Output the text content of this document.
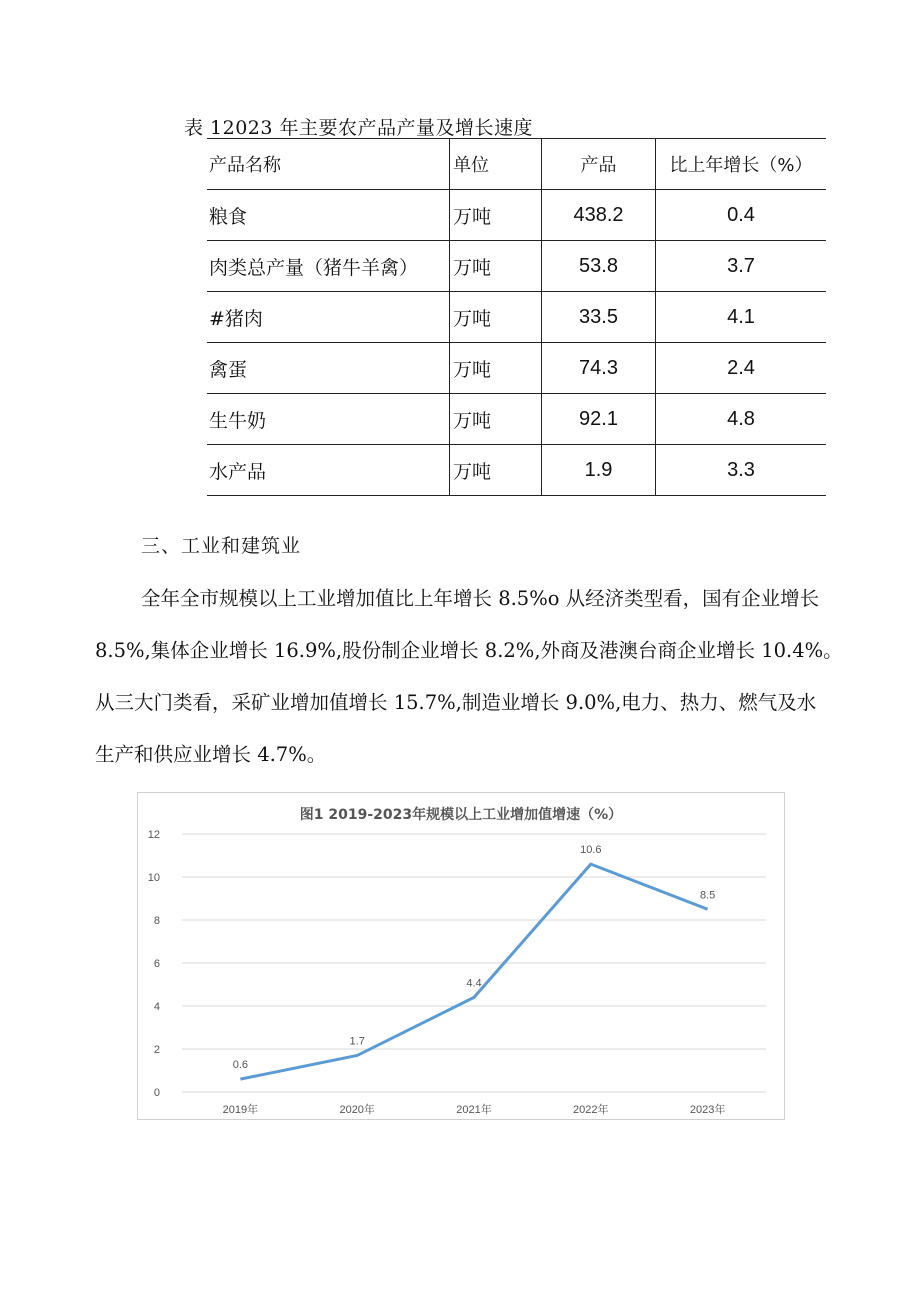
表 12023 年主要农产品产量及增长速度
产品名称	单位	产品	比上年增长（%）
粮食	万吨	438.2	0.4
肉类总产量（猪牛羊禽）	万吨	53.8	3.7
#猪肉	万吨	33.5	4.1
禽蛋	万吨	74.3	2.4
生牛奶	万吨	92.1	4.8
水产品	万吨	1.9	3.3
三、工业和建筑业
全年全市规模以上工业增加值比上年增长 8.5%o 从经济类型看，国有企业增长
8.5%,集体企业增长 16.9%,股份制企业增长 8.2%,外商及港澳台商企业增长 10.4%。
从三大门类看，采矿业增加值增长 15.7%,制造业增长 9.0%,电力、热力、燃气及水
生产和供应业增长 4.7%。
图1 2019-2023年规模以上工业增加值增速（%）
0
2
4
6
8
10
12
2019年	2020年	2021年	2022年	2023年
0.6
1.7
4.4
10.6
8.5
